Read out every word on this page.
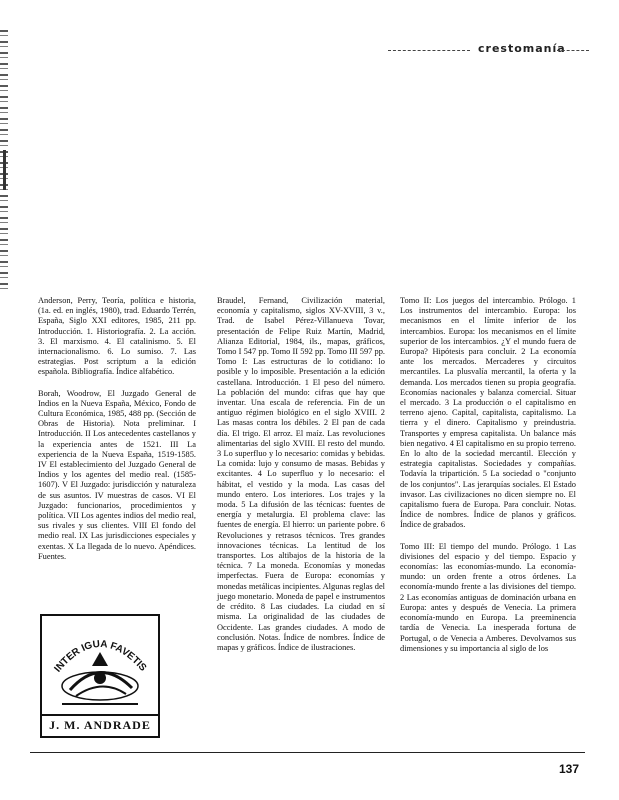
crestomanía

Anderson, Perry, Teoría, política e historia, (1a. ed. en inglés, 1980), trad. Eduardo Terrén, España, Siglo XXI editores, 1985, 211 pp. Introducción. 1. Historiografía. 2. La acción. 3. El marxismo. 4. El catalinismo. 5. El internacionalismo. 6. Lo sumiso. 7. Las estrategias. Post scriptum a la edición española. Bibliografía. Índice alfabético.

Borah, Woodrow, El Juzgado General de Indios en la Nueva España, México, Fondo de Cultura Económica, 1985, 488 pp. (Sección de Obras de Historia). Nota preliminar. I Introducción. II Los antecedentes castellanos y la experiencia antes de 1521. III La experiencia de la Nueva España, 1519-1585. IV El establecimiento del Juzgado General de Indios y los agentes del medio real. (1585-1607). V El Juzgado: jurisdicción y naturaleza de sus asuntos. IV muestras de casos. VI El Juzgado: funcionarios, procedimientos y política. VII Los agentes indios del medio real, sus rivales y sus clientes. VIII El fondo del medio real. IX Las jurisdicciones especiales y exentas. X La llegada de lo nuevo. Apéndices. Fuentes.

INTER IGUA FAVETIS
J. M. ANDRADE

Braudel, Fernand, Civilización material, economía y capitalismo, siglos XV-XVIII, 3 v., Trad. de Isabel Pérez-Villanueva Tovar, presentación de Felipe Ruiz Martín, Madrid, Alianza Editorial, 1984, ils., mapas, gráficos, Tomo I 547 pp. Tomo II 592 pp. Tomo III 597 pp. Tomo I: Las estructuras de lo cotidiano: lo posible y lo imposible. Presentación a la edición castellana. Introducción. 1 El peso del número. La población del mundo: cifras que hay que inventar. Una escala de referencia. Fin de un antiguo régimen biológico en el siglo XVIII. 2 Las masas contra los débiles. 2 El pan de cada día. El trigo. El arroz. El maíz. Las revoluciones alimentarias del siglo XVIII. El resto del mundo. 3 Lo superfluo y lo necesario: comidas y bebidas. La comida: lujo y consumo de masas. Bebidas y excitantes. 4 Lo superfluo y lo necesario: el hábitat, el vestido y la moda. Las casas del mundo entero. Los interiores. Los trajes y la moda. 5 La difusión de las técnicas: fuentes de energía y metalurgia. El problema clave: las fuentes de energía. El hierro: un pariente pobre. 6 Revoluciones y retrasos técnicos. Tres grandes innovaciones técnicas. La lentitud de los transportes. Los altibajos de la historia de la técnica. 7 La moneda. Economías y monedas imperfectas. Fuera de Europa: economías y monedas metálicas incipientes. Algunas reglas del juego monetario. Moneda de papel e instrumentos de crédito. 8 Las ciudades. La ciudad en sí misma. La originalidad de las ciudades de Occidente. Las grandes ciudades. A modo de conclusión. Notas. Índice de nombres. Índice de mapas y gráficos. Índice de ilustraciones.

Tomo II: Los juegos del intercambio. Prólogo. 1 Los instrumentos del intercambio. Europa: los mecanismos en el límite inferior de los intercambios. Europa: los mecanismos en el límite superior de los intercambios. ¿Y el mundo fuera de Europa? Hipótesis para concluir. 2 La economía ante los mercados. Mercaderes y circuitos mercantiles. La plusvalía mercantil, la oferta y la demanda. Los mercados tienen su propia geografía. Economías nacionales y balanza comercial. Situar el mercado. 3 La producción o el capitalismo en terreno ajeno. Capital, capitalista, capitalismo. La tierra y el dinero. Capitalismo y preindustria. Transportes y empresa capitalista. Un balance más bien negativo. 4 El capitalismo en su propio terreno. En lo alto de la sociedad mercantil. Elección y estrategia capitalistas. Sociedades y compañías. Todavía la tripartición. 5 La sociedad o "conjunto de los conjuntos". Las jerarquías sociales. El Estado invasor. Las civilizaciones no dicen siempre no. El capitalismo fuera de Europa. Para concluir. Notas. Índice de nombres. Índice de planos y gráficos. Índice de grabados.

Tomo III: El tiempo del mundo. Prólogo. 1 Las divisiones del espacio y del tiempo. Espacio y economías: las economías-mundo. La economía-mundo: un orden frente a otros órdenes. La economía-mundo frente a las divisiones del tiempo. 2 Las economías antiguas de dominación urbana en Europa: antes y después de Venecia. La primera economía-mundo en Europa. La preeminencia tardía de Venecia. La inesperada fortuna de Portugal, o de Venecia a Amberes. Devolvamos sus dimensiones y su importancia al siglo de los

137
